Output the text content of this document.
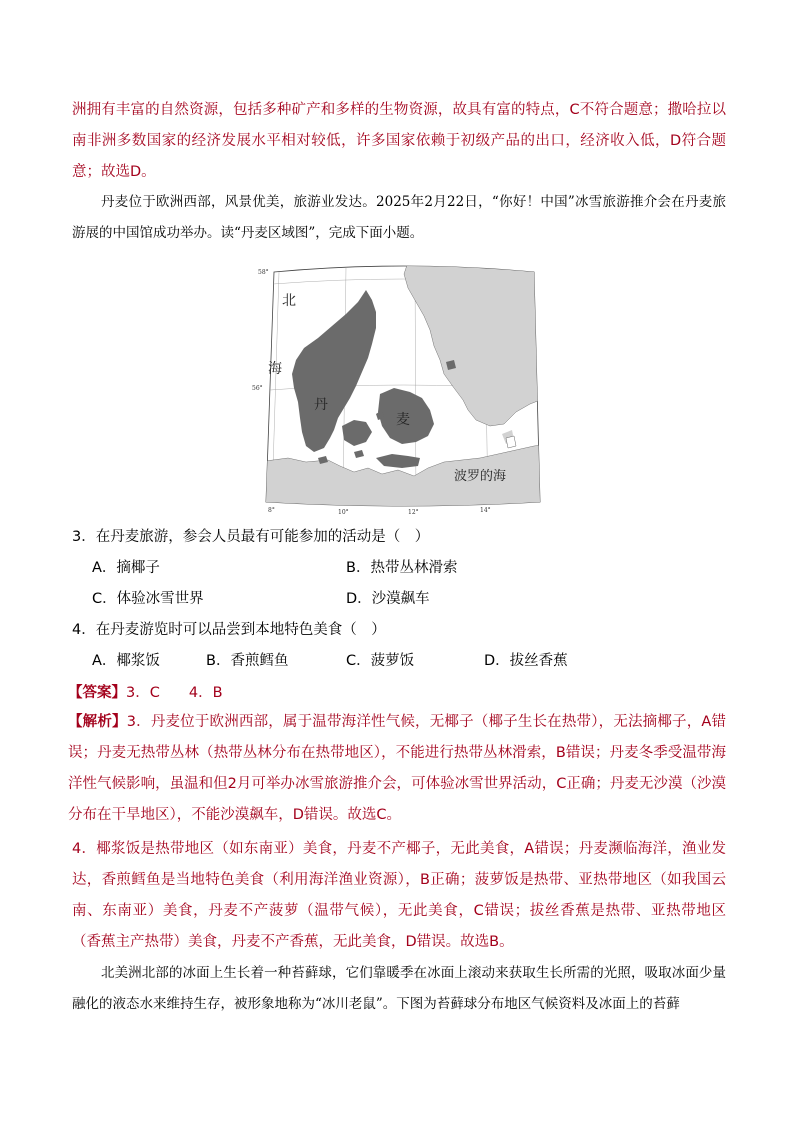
洲拥有丰富的自然资源，包括多种矿产和多样的生物资源，故具有富的特点，C不符合题意；撒哈拉以南非洲多数国家的经济发展水平相对较低，许多国家依赖于初级产品的出口，经济收入低，D符合题意；故选D。

丹麦位于欧洲西部，风景优美，旅游业发达。2025年2月22日，“你好！中国”冰雪旅游推介会在丹麦旅游展的中国馆成功举办。读“丹麦区域图”，完成下面小题。

58°
56°
8°	10°	12°	14°
北
海
丹
麦
波罗的海
3．在丹麦旅游，参会人员最有可能参加的活动是（　）
A．摘椰子	B．热带丛林滑索
C．体验冰雪世界	D．沙漠飙车
4．在丹麦游览时可以品尝到本地特色美食（　）
A．椰浆饭	B．香煎鳕鱼	C．菠萝饭	D．拔丝香蕉
【答案】3．C　　4．B

【解析】3．丹麦位于欧洲西部，属于温带海洋性气候，无椰子（椰子生长在热带），无法摘椰子，A错误；丹麦无热带丛林（热带丛林分布在热带地区），不能进行热带丛林滑索，B错误；丹麦冬季受温带海洋性气候影响，虽温和但2月可举办冰雪旅游推介会，可体验冰雪世界活动，C正确；丹麦无沙漠（沙漠分布在干旱地区），不能沙漠飙车，D错误。故选C。

4．椰浆饭是热带地区（如东南亚）美食，丹麦不产椰子，无此美食，A错误；丹麦濒临海洋，渔业发达，香煎鳕鱼是当地特色美食（利用海洋渔业资源），B正确；菠萝饭是热带、亚热带地区（如我国云南、东南亚）美食，丹麦不产菠萝（温带气候），无此美食，C错误；拔丝香蕉是热带、亚热带地区（香蕉主产热带）美食，丹麦不产香蕉，无此美食，D错误。故选B。

北美洲北部的冰面上生长着一种苔藓球，它们靠暖季在冰面上滚动来获取生长所需的光照，吸取冰面少量融化的液态水来维持生存，被形象地称为“冰川老鼠”。下图为苔藓球分布地区气候资料及冰面上的苔藓
